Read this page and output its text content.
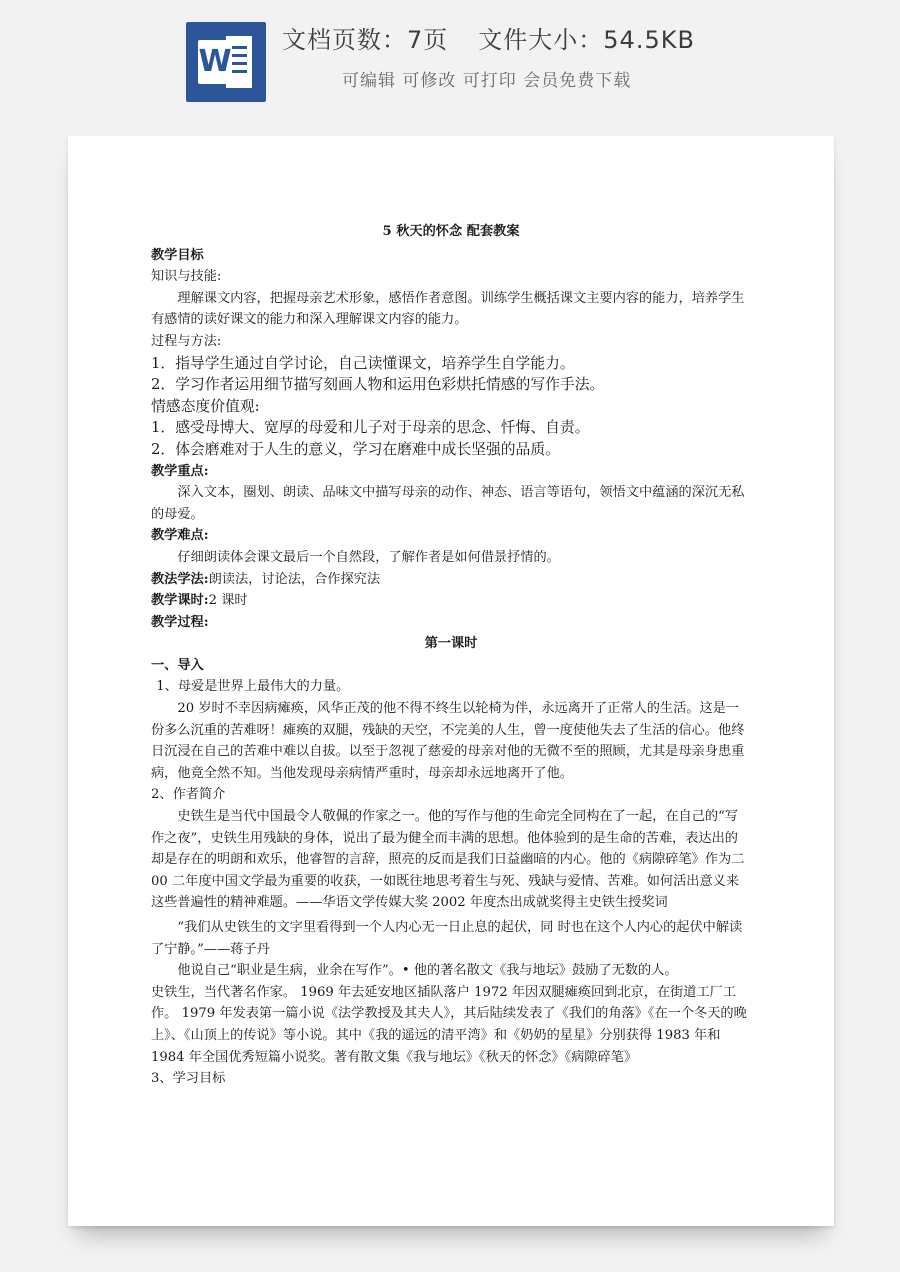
W
文档页数：7页 文件大小：54.5KB
可编辑 可修改 可打印 会员免费下载

5 秋天的怀念 配套教案

教学目标

知识与技能:

理解课文内容，把握母亲艺术形象，感悟作者意图。训练学生概括课文主要内容的能力，培养学生有感情的读好课文的能力和深入理解课文内容的能力。

过程与方法:

1．指导学生通过自学讨论，自己读懂课文，培养学生自学能力。

2．学习作者运用细节描写刻画人物和运用色彩烘托情感的写作手法。

情感态度价值观:

1．感受母博大、宽厚的母爱和儿子对于母亲的思念、忏悔、自责。

2．体会磨难对于人生的意义，学习在磨难中成长坚强的品质。

教学重点:

深入文本，圈划、朗读、品味文中描写母亲的动作、神态、语言等语句，领悟文中蕴涵的深沉无私的母爱。

教学难点:

仔细朗读体会课文最后一个自然段，了解作者是如何借景抒情的。

教法学法:朗读法，讨论法，合作探究法

教学课时:2 课时

教学过程:

第一课时

一、导入

1、母爱是世界上最伟大的力量。

20 岁时不幸因病瘫痪，风华正茂的他不得不终生以轮椅为伴，永远离开了正常人的生活。这是一份多么沉重的苦难呀！瘫痪的双腿，残缺的天空，不完美的人生，曾一度使他失去了生活的信心。他终日沉浸在自己的苦难中难以自拔。以至于忽视了慈爱的母亲对他的无微不至的照顾，尤其是母亲身患重病，他竟全然不知。当他发现母亲病情严重时，母亲却永远地离开了他。

2、作者简介

史铁生是当代中国最令人敬佩的作家之一。他的写作与他的生命完全同构在了一起，在自己的“写作之夜”，史铁生用残缺的身体，说出了最为健全而丰满的思想。他体验到的是生命的苦难，表达出的却是存在的明朗和欢乐，他睿智的言辞，照亮的反而是我们日益幽暗的内心。他的《病隙碎笔》作为二 00 二年度中国文学最为重要的收获，一如既往地思考着生与死、残缺与爱情、苦难。如何活出意义来这些普遍性的精神难题。——华语文学传媒大奖 2002 年度杰出成就奖得主史铁生授奖词

“我们从史铁生的文字里看得到一个人内心无一日止息的起伏，同 时也在这个人内心的起伏中解读了宁静。”——蒋子丹

他说自己“职业是生病，业余在写作”。• 他的著名散文《我与地坛》鼓励了无数的人。

史铁生，当代著名作家。 1969 年去延安地区插队落户 1972 年因双腿瘫痪回到北京，在街道工厂工作。 1979 年发表第一篇小说《法学教授及其夫人》，其后陆续发表了《我们的角落》《在一个冬天的晚上》、《山顶上的传说》等小说。其中《我的遥远的清平湾》和《奶奶的星星》分别获得 1983 年和 1984 年全国优秀短篇小说奖。著有散文集《我与地坛》《秋天的怀念》《病隙碎笔》

3、学习目标
